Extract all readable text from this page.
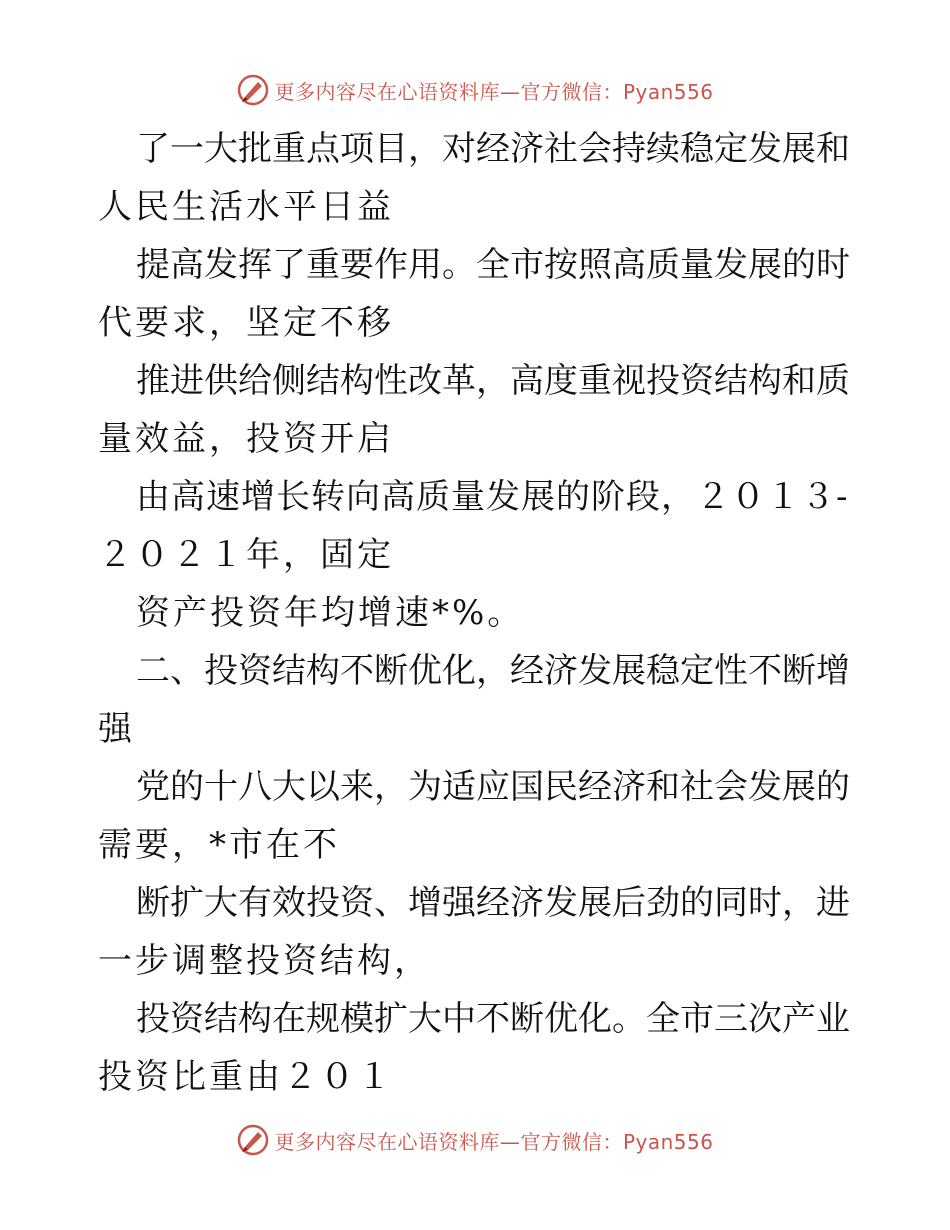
更多内容尽在心语资料库—官方微信：Pyan556
了一大批重点项目，对经济社会持续稳定发展和
人民生活水平日益
提高发挥了重要作用。全市按照高质量发展的时
代要求，坚定不移
推进供给侧结构性改革，高度重视投资结构和质
量效益，投资开启
由高速增长转向高质量发展的阶段，２０１３-
２０２１年，固定
资产投资年均增速*%。
二、投资结构不断优化，经济发展稳定性不断增
强
党的十八大以来，为适应国民经济和社会发展的
需要，*市在不
断扩大有效投资、增强经济发展后劲的同时，进
一步调整投资结构，
投资结构在规模扩大中不断优化。全市三次产业
投资比重由２０１
更多内容尽在心语资料库—官方微信：Pyan556
